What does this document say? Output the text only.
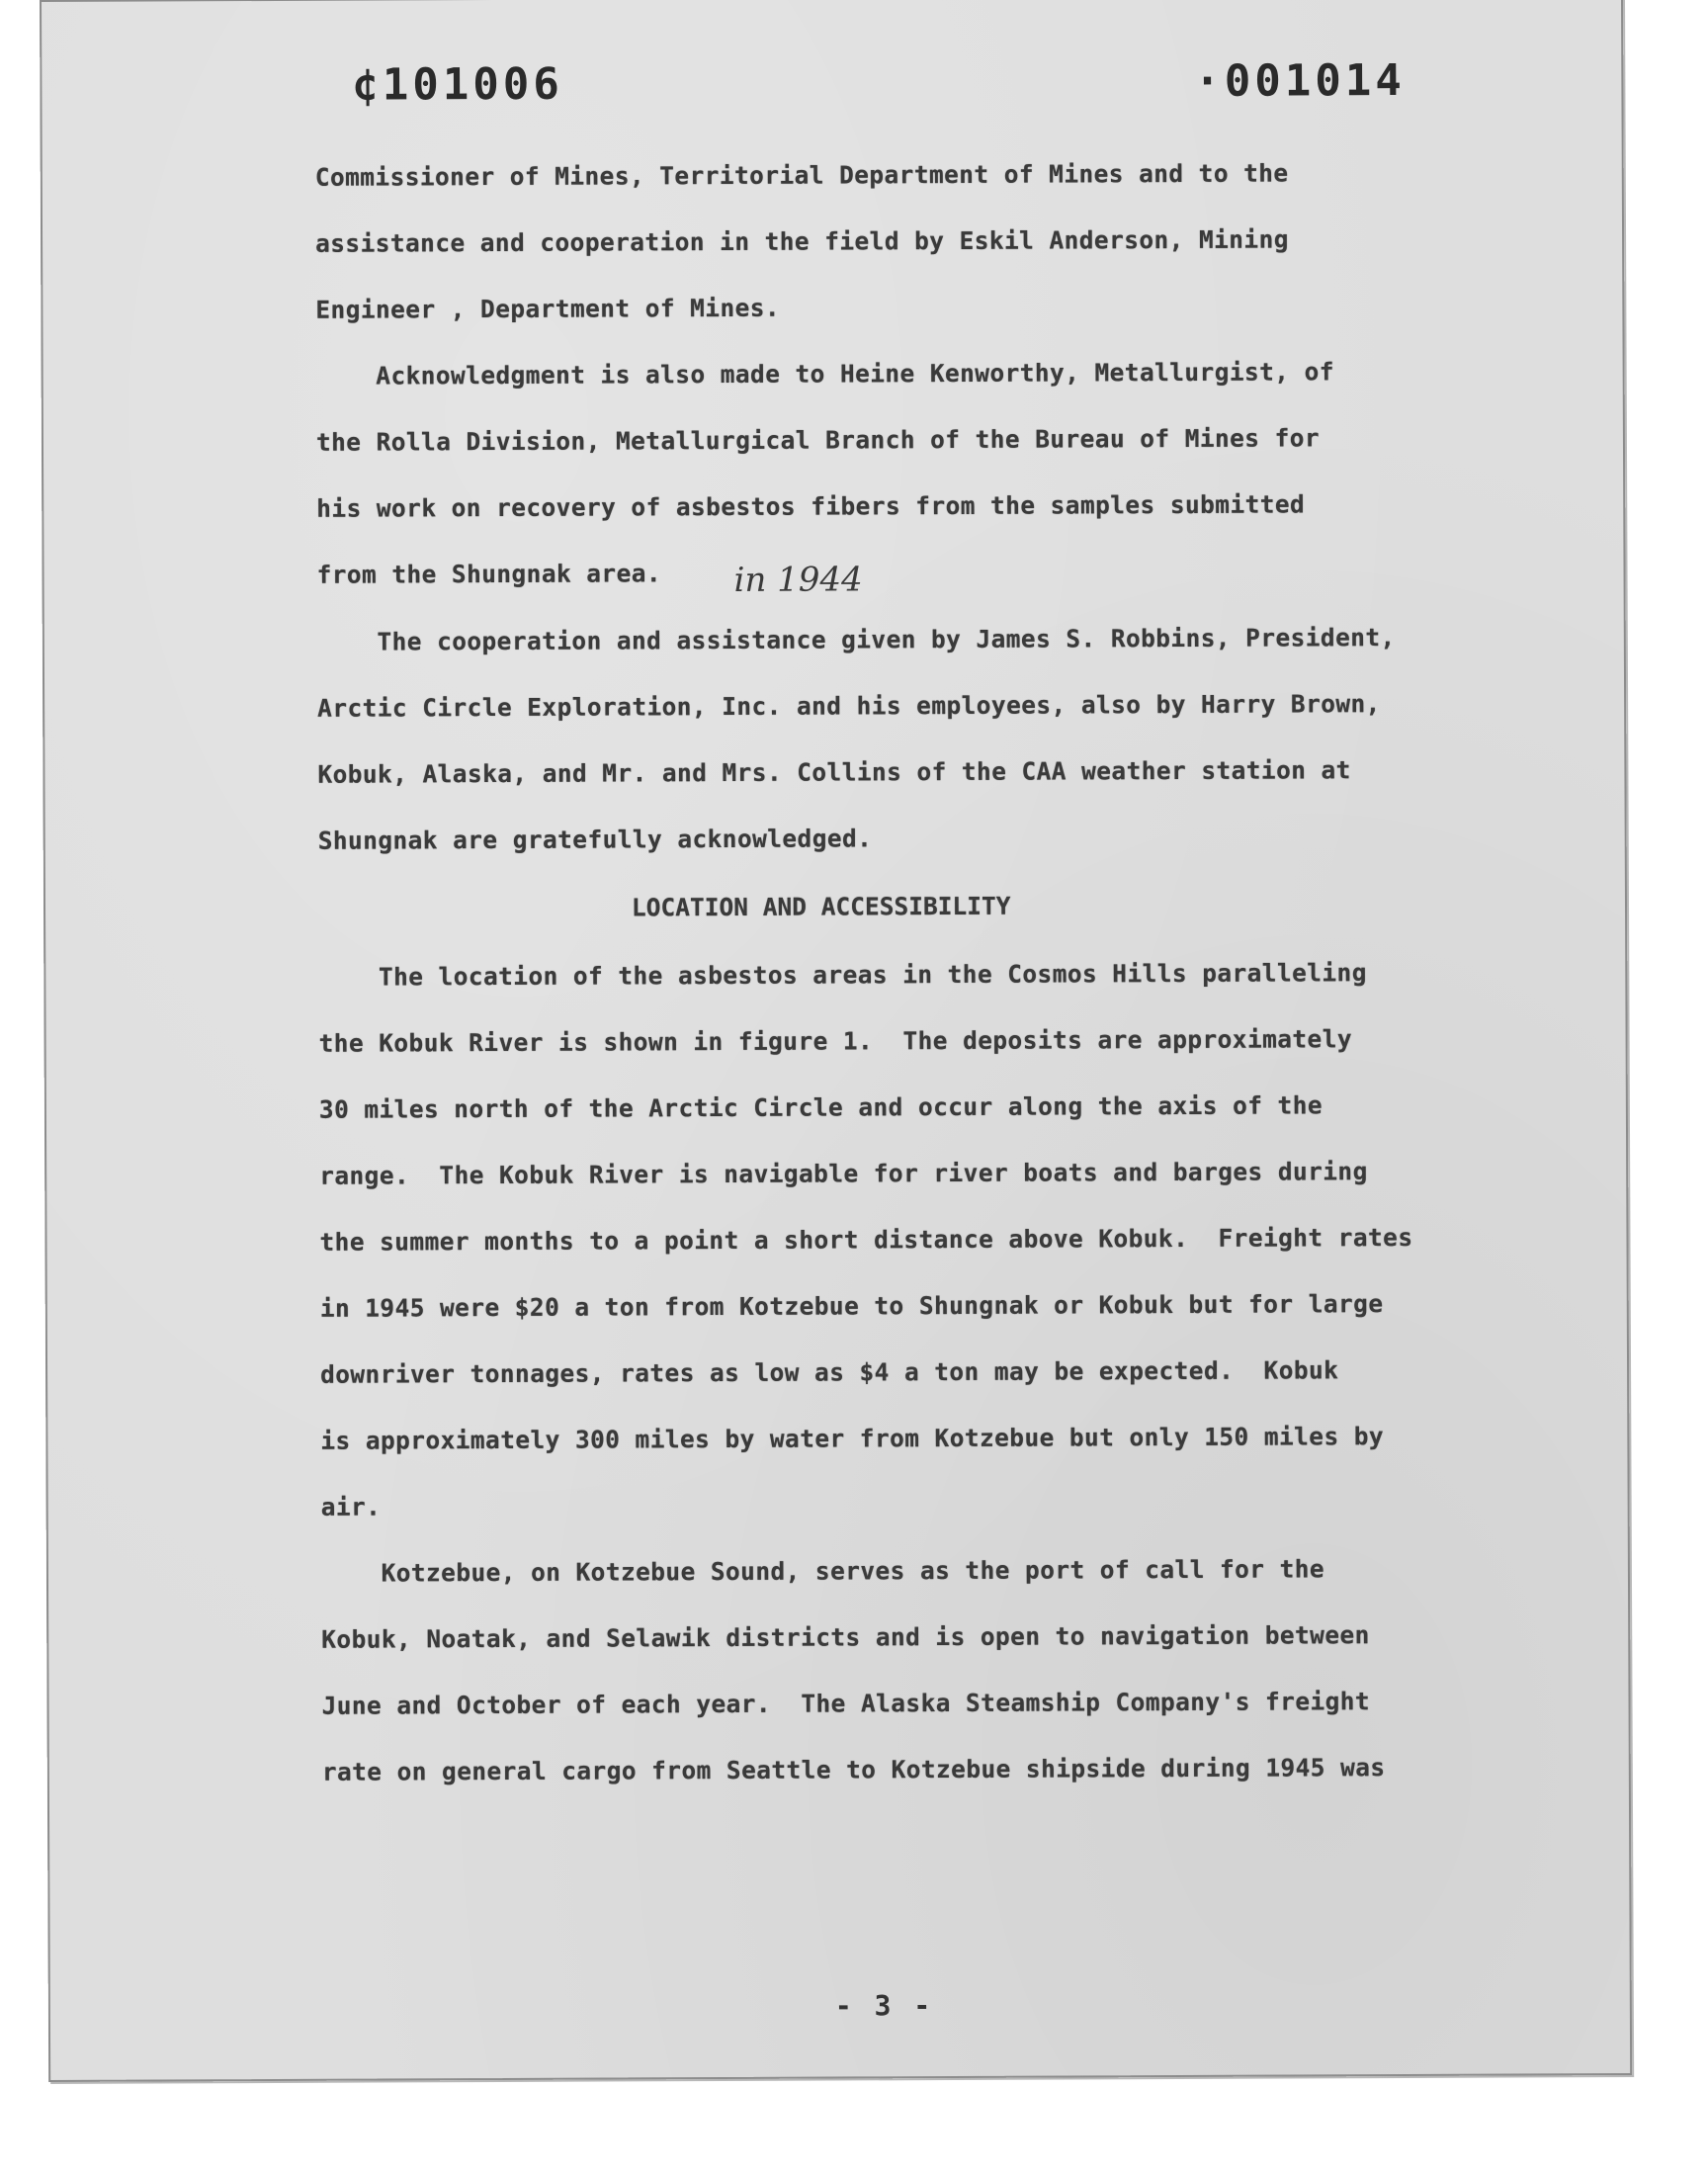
¢101006	·001014

Commissioner of Mines, Territorial Department of Mines and to the

assistance and cooperation in the field by Eskil Anderson, Mining

Engineer , Department of Mines.

Acknowledgment is also made to Heine Kenworthy, Metallurgist, of

the Rolla Division, Metallurgical Branch of the Bureau of Mines for

his work on recovery of asbestos fibers from the samples submitted

from the Shungnak area.

in 1944

The cooperation and assistance given by James S. Robbins, President,

Arctic Circle Exploration, Inc. and his employees, also by Harry Brown,

Kobuk, Alaska, and Mr. and Mrs. Collins of the CAA weather station at

Shungnak are gratefully acknowledged.

LOCATION AND ACCESSIBILITY

The location of the asbestos areas in the Cosmos Hills paralleling

the Kobuk River is shown in figure 1.  The deposits are approximately

30 miles north of the Arctic Circle and occur along the axis of the

range.  The Kobuk River is navigable for river boats and barges during

the summer months to a point a short distance above Kobuk.  Freight rates

in 1945 were $20 a ton from Kotzebue to Shungnak or Kobuk but for large

downriver tonnages, rates as low as $4 a ton may be expected.  Kobuk

is approximately 300 miles by water from Kotzebue but only 150 miles by

air.

Kotzebue, on Kotzebue Sound, serves as the port of call for the

Kobuk, Noatak, and Selawik districts and is open to navigation between

June and October of each year.  The Alaska Steamship Company's freight

rate on general cargo from Seattle to Kotzebue shipside during 1945 was

- 3 -
